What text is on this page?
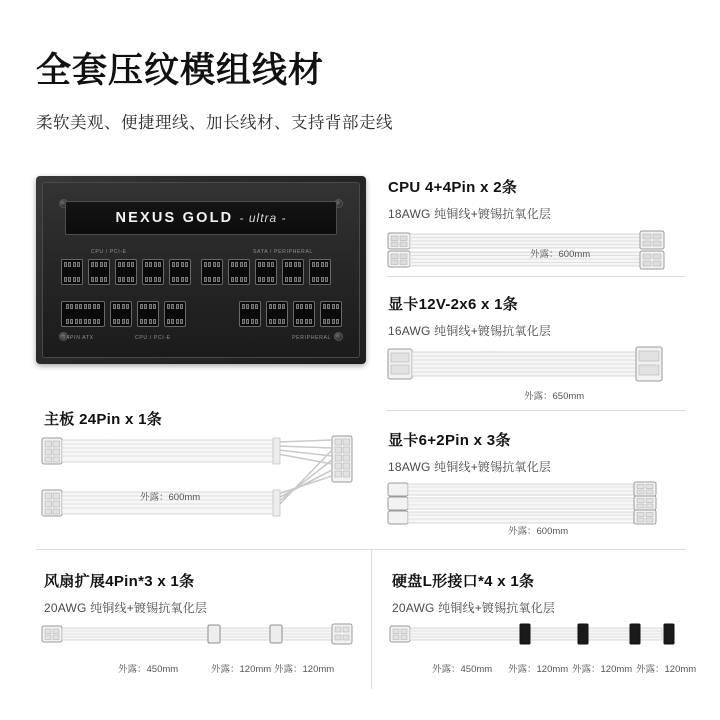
全套压纹模组线材
柔软美观、便捷理线、加长线材、支持背部走线
NEXUS GOLD - ultra -
CPU / PCI-E	SATA / PERIPHERAL
24PIN ATX	CPU / PCI-E	PERIPHERAL
CPU 4+4Pin x 2条
18AWG 纯铜线+镀锡抗氧化层
外露：600mm
显卡12V-2x6 x 1条
16AWG 纯铜线+镀锡抗氧化层
外露：650mm
主板 24Pin x 1条
外露：600mm
显卡6+2Pin x 3条
18AWG 纯铜线+镀锡抗氧化层
外露：600mm
风扇扩展4Pin*3 x 1条
20AWG 纯铜线+镀锡抗氧化层
外露：450mm	外露：120mm 外露：120mm
硬盘L形接口*4 x 1条
20AWG 纯铜线+镀锡抗氧化层
外露：450mm 外露：120mm 外露：120mm 外露：120mm
